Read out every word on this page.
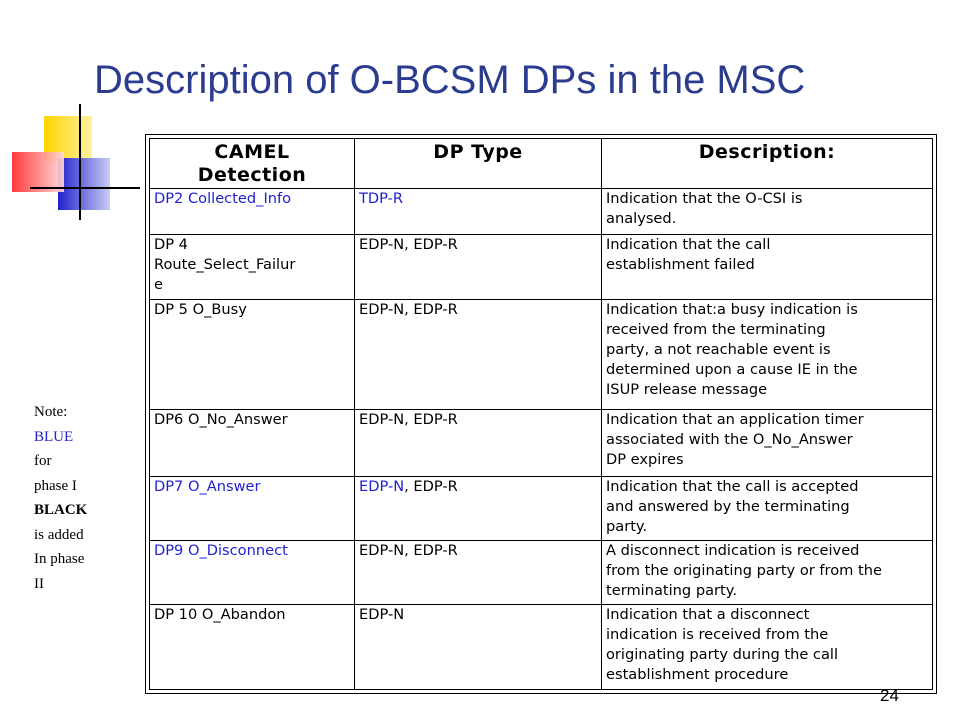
Description of O-BCSM DPs in the MSC
CAMEL
Detection	DP Type	Description:
DP2 Collected_Info	TDP-R	Indication that the O-CSI is
analysed.
DP 4
Route_Select_Failur
e	EDP-N, EDP-R	Indication that the call
establishment failed
DP 5 O_Busy	EDP-N, EDP-R	Indication that:a busy indication is
received from the terminating
party, a not reachable event is
determined upon a cause IE in the
ISUP release message
DP6 O_No_Answer	EDP-N, EDP-R	Indication that an application timer
associated with the O_No_Answer
DP expires
DP7 O_Answer	EDP-N, EDP-R	Indication that the call is accepted
and answered by the terminating
party.
DP9 O_Disconnect	EDP-N, EDP-R	A disconnect indication is received
from the originating party or from the
terminating party.
DP 10 O_Abandon	EDP-N	Indication that a disconnect
indication is received from the
originating party during the call
establishment procedure
Note:
BLUE
for
phase I
BLACK
is added
In phase
II
24
